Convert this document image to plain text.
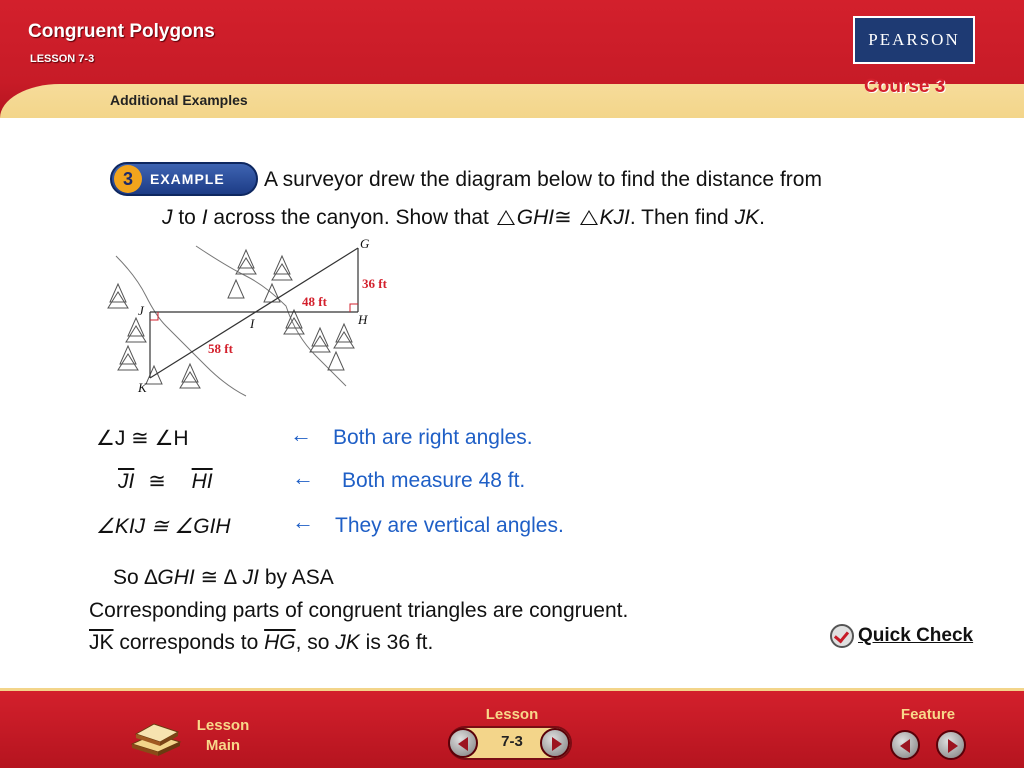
Congruent Polygons
LESSON 7-3
Additional Examples
PEARSON
Course 3
3	EXAMPLE A surveyor drew the diagram below to find the distance from
J to I across the canyon. Show that GHI≅ KJI. Then find JK.
G
H
I
J
K
36 ft
48 ft
58 ft
∠J ≅ ∠H	← Both are right angles.
$\overline{JI}$ ≅ $\overline{HI}$	← Both measure 48 ft.
∠KIJ ≅ ∠GIH	← They are vertical angles.
So ∆GHI ≅ ∆ JI by ASA
Corresponding parts of congruent triangles are congruent.
$\overline{JK}$ corresponds to $\overline{HG}$, so JK is 36 ft.	Quick Check
Lesson
Main
Lesson
7-3
Feature
